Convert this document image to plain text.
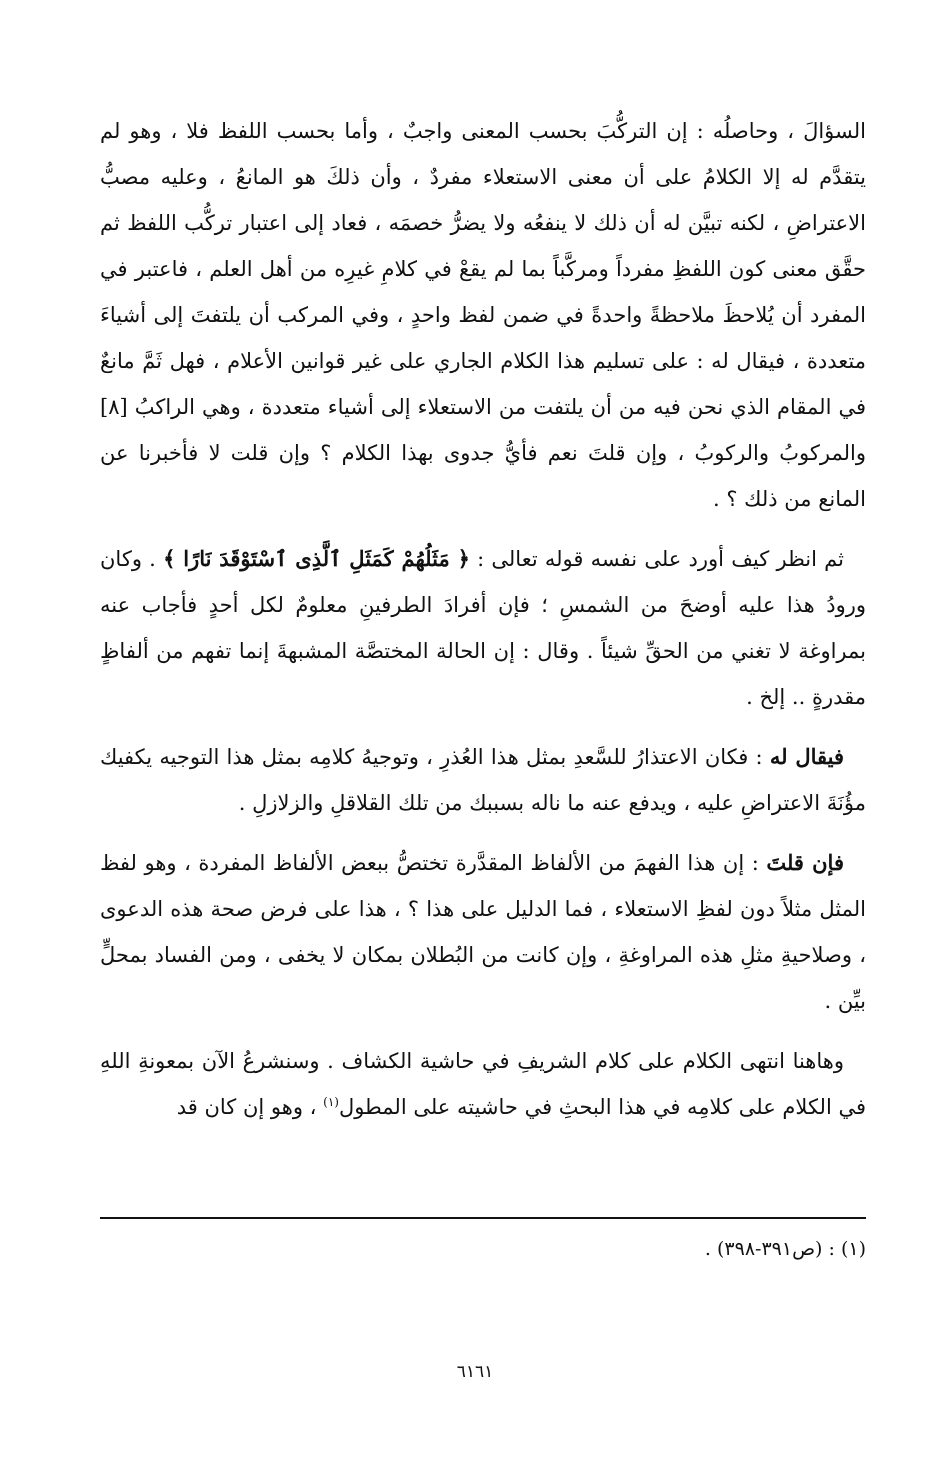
السؤالَ ، وحاصلُه : إن التركُّبَ بحسب المعنى واجبٌ ، وأما بحسب اللفظ فلا ، وهو لم يتقدَّم له إلا الكلامُ على أن معنى الاستعلاء مفردٌ ، وأن ذلكَ هو المانعُ ، وعليه مصبُّ الاعتراضِ ، لكنه تبيَّن له أن ذلك لا ينفعُه ولا يضرُّ خصمَه ، فعاد إلى اعتبار تركُّب اللفظ ثم حقَّق معنى كون اللفظِ مفرداً ومركَّباً بما لم يقعْ في كلامِ غيرِه من أهل العلم ، فاعتبر في المفرد أن يُلاحظَ ملاحظةً واحدةً في ضمن لفظ واحدٍ ، وفي المركب أن يلتفتَ إلى أشياءَ متعددة ، فيقال له : على تسليم هذا الكلام الجاري على غير قوانين الأعلام ، فهل ثَمَّ مانعٌ في المقام الذي نحن فيه من أن يلتفت من الاستعلاء إلى أشياء متعددة ، وهي الراكبُ [٨] والمركوبُ والركوبُ ، وإن قلتَ نعم فأيُّ جدوى بهذا الكلام ؟ وإن قلت لا فأخبرنا عن المانع من ذلك ؟ .

ثم انظر كيف أورد على نفسه قوله تعالى : ﴿ مَثَلُهُمْ كَمَثَلِ ٱلَّذِى ٱسْتَوْقَدَ نَارًا ﴾ . وكان ورودُ هذا عليه أوضحَ من الشمسِ ؛ فإن أفرادَ الطرفينِ معلومٌ لكل أحدٍ فأجاب عنه بمراوغة لا تغني من الحقِّ شيئاً . وقال : إن الحالة المختصَّة المشبهةَ إنما تفهم من ألفاظٍ مقدرةٍ .. إلخ .

فيقال له : فكان الاعتذارُ للسَّعدِ بمثل هذا العُذرِ ، وتوجيهُ كلامِه بمثل هذا التوجيه يكفيك مؤُنَةَ الاعتراضِ عليه ، ويدفع عنه ما ناله بسببك من تلك القلاقلِ والزلازلِ .

فإن قلتَ : إن هذا الفهمَ من الألفاظ المقدَّرة تختصُّ ببعض الألفاظ المفردة ، وهو لفظ المثل مثلاً دون لفظِ الاستعلاء ، فما الدليل على هذا ؟ ، هذا على فرض صحة هذه الدعوى ، وصلاحيةِ مثلِ هذه المراوغةِ ، وإن كانت من البُطلان بمكان لا يخفى ، ومن الفساد بمحلٍّ بيِّن .

وهاهنا انتهى الكلام على كلام الشريفِ في حاشية الكشاف . وسنشرعُ الآن بمعونةِ اللهِ في الكلام على كلامِه في هذا البحثِ في حاشيته على المطول$^{(١)}$ ، وهو إن كان قد

(١) : (ص٣٩١-٣٩٨) .
٦١٦١
